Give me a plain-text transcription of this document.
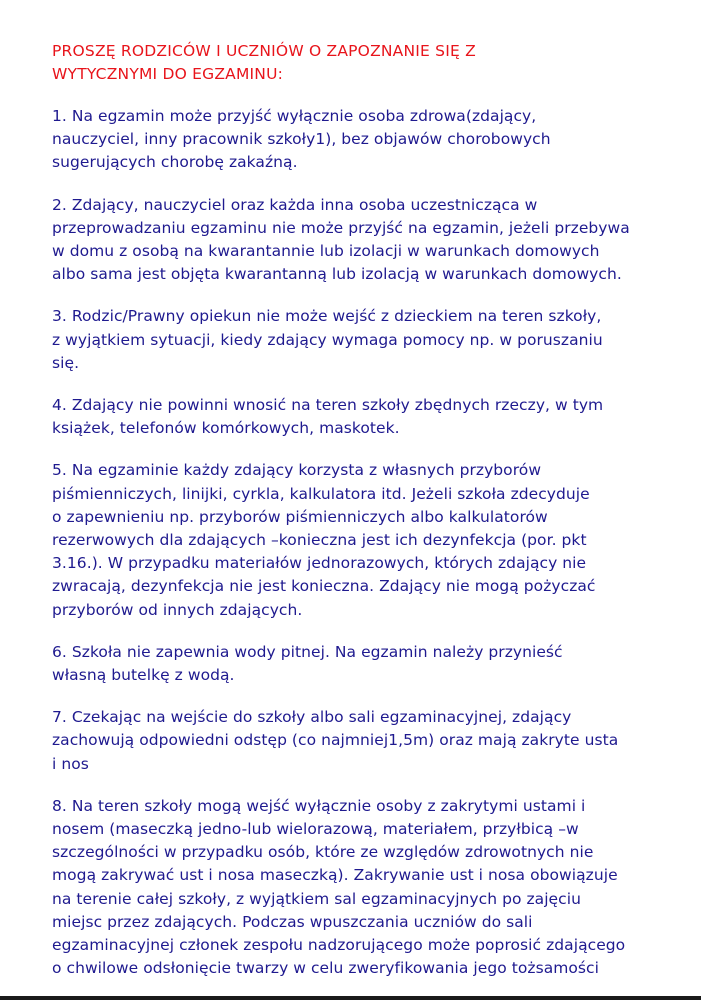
PROSZĘ RODZICÓW I UCZNIÓW O ZAPOZNANIE SIĘ Z
WYTYCZNYMI DO EGZAMINU:
1. Na egzamin może przyjść wyłącznie osoba zdrowa(zdający,
nauczyciel, inny pracownik szkoły1), bez objawów chorobowych
sugerujących chorobę zakaźną.
2. Zdający, nauczyciel oraz każda inna osoba uczestnicząca w
przeprowadzaniu egzaminu nie może przyjść na egzamin, jeżeli przebywa
w domu z osobą na kwarantannie lub izolacji w warunkach domowych
albo sama jest objęta kwarantanną lub izolacją w warunkach domowych.
3. Rodzic/Prawny opiekun nie może wejść z dzieckiem na teren szkoły,
z wyjątkiem sytuacji, kiedy zdający wymaga pomocy np. w poruszaniu
się.
4. Zdający nie powinni wnosić na teren szkoły zbędnych rzeczy, w tym
książek, telefonów komórkowych, maskotek.
5. Na egzaminie każdy zdający korzysta z własnych przyborów
piśmienniczych, linijki, cyrkla, kalkulatora itd. Jeżeli szkoła zdecyduje
o zapewnieniu np. przyborów piśmienniczych albo kalkulatorów
rezerwowych dla zdających –konieczna jest ich dezynfekcja (por. pkt
3.16.). W przypadku materiałów jednorazowych, których zdający nie
zwracają, dezynfekcja nie jest konieczna. Zdający nie mogą pożyczać
przyborów od innych zdających.
6. Szkoła nie zapewnia wody pitnej. Na egzamin należy przynieść
własną butelkę z wodą.
7. Czekając na wejście do szkoły albo sali egzaminacyjnej, zdający
zachowują odpowiedni odstęp (co najmniej1,5m) oraz mają zakryte usta
i nos
8. Na teren szkoły mogą wejść wyłącznie osoby z zakrytymi ustami i
nosem (maseczką jedno-lub wielorazową, materiałem, przyłbicą –w
szczególności w przypadku osób, które ze względów zdrowotnych nie
mogą zakrywać ust i nosa maseczką). Zakrywanie ust i nosa obowiązuje
na terenie całej szkoły, z wyjątkiem sal egzaminacyjnych po zajęciu
miejsc przez zdających. Podczas wpuszczania uczniów do sali
egzaminacyjnej członek zespołu nadzorującego może poprosić zdającego
o chwilowe odsłonięcie twarzy w celu zweryfikowania jego tożsamości
